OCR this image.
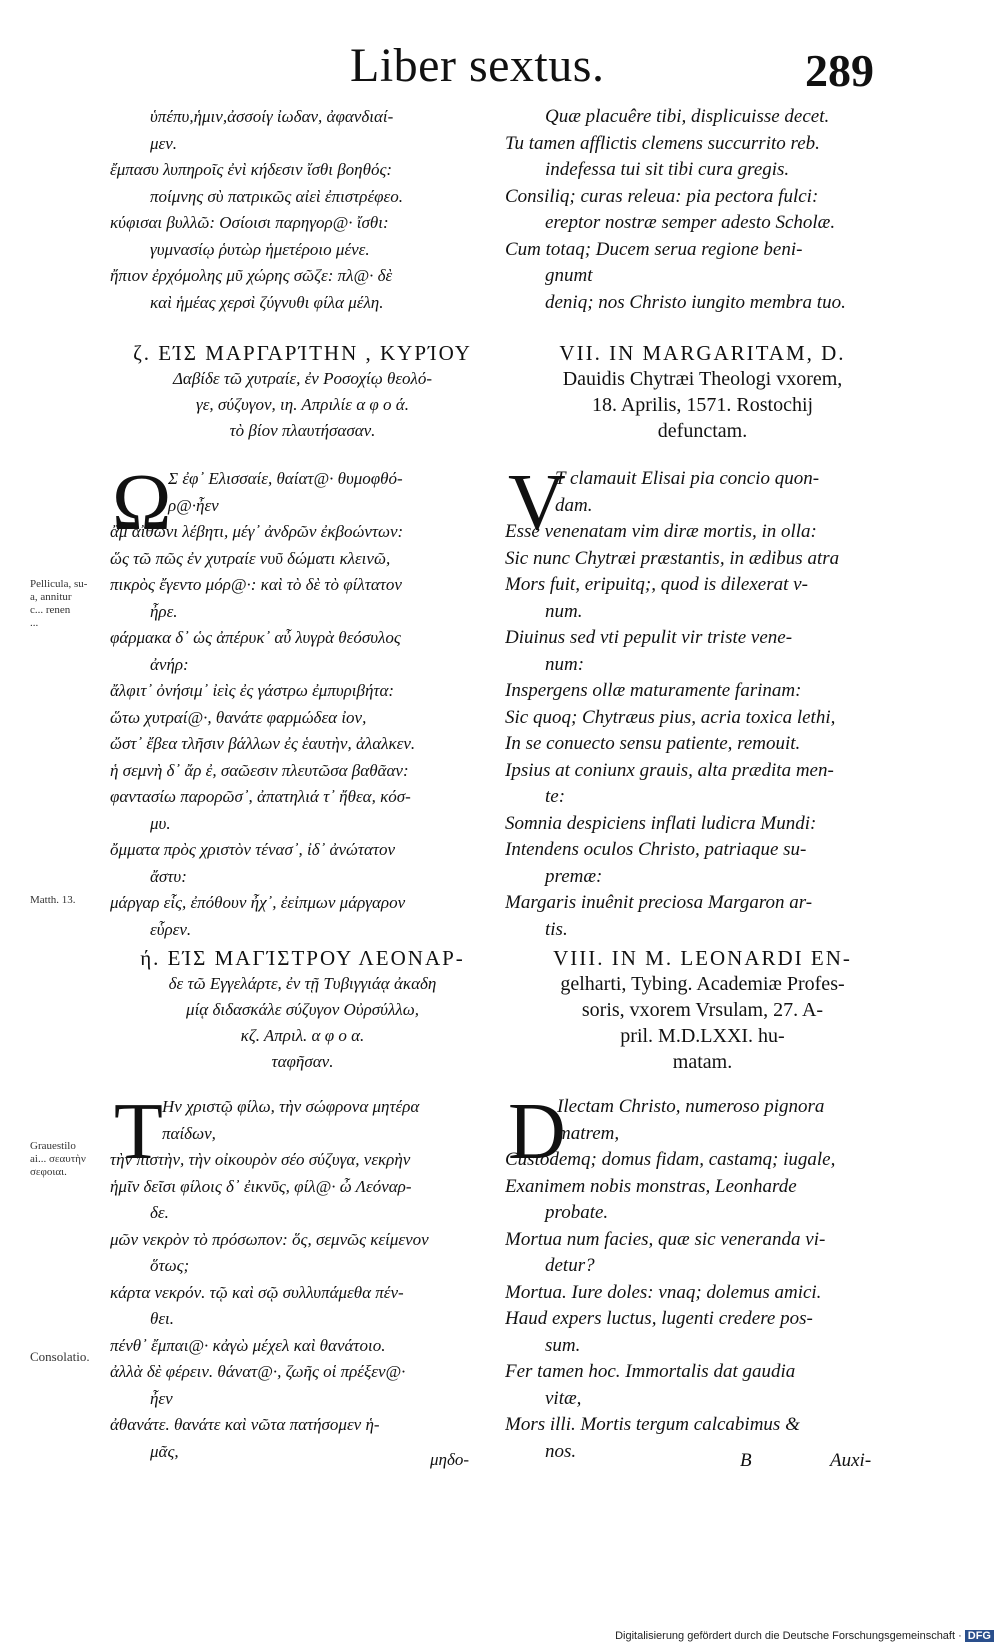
Liber sextus.	289
ὑπέπυ,ἡμιν,ἀσσοίγ ἰωδαν, ἀφανδιαί-
μεν.
ἔμπασυ λυπηροῖς ἐνὶ κήδεσιν ἴσθι βοηθός:
ποίμνης σὺ πατρικῶς αἰεὶ ἐπιστρέφεο.
κύφισαι βυλλῶ: Οσίοισι παρηγορ@· ἴσθι:
γυμνασίῳ ῥυτὼρ ἡμετέροιο μένε.
ἤπιον ἐρχόμολης μῦ χώρης σῶζε: πλ@· δὲ
καὶ ἡμέας χερσὶ ζύγνυθι φίλα μέλη.
Quæ placuêre tibi, displicuisse decet.
Tu tamen afflictis clemens succurrito reb.
indefessa tui sit tibi cura gregis.
Consiliq; curas releua: pia pectora fulci:
ereptor nostræ semper adesto Scholæ.
Cum totaq; Ducem serua regione beni-
gnumt
deniq; nos Christo iungito membra tuo.
ζ. ΕΊΣ ΜΑΡΓΑΡΊΤΗΝ , ΚΥΡΊΟΥ
Δαβίδε τῶ χυτραίε, ἐν Ροσοχίῳ θεολό-
γε, σύζυγον, ιη. Απριλίε α φ ο ά.
τὸ βίον πλαυτήσασαν.
VII. IN MARGARITAM, D.
Dauidis Chytræi Theologi vxorem,
18. Aprilis, 1571. Rostochij
defunctam.
Ω
Σ ἐφ᾽ Ελισσαίε, θαίατ@· θυμοφθό-
ρ@·ἦεν
ἂμ αἴθωνι λέβητι, μέγ᾽ ἀνδρῶν ἐκβοώντων:
ὥς τῶ πῶς ἐν χυτραίε νυῦ δώματι κλεινῶ,
πικρὸς ἔγεντο μόρ@·: καὶ τὸ δὲ τὸ φίλτατον
ἦρε.
φάρμακα δ᾽ ὡς ἀπέρυκ᾽ αὖ λυγρὰ θεόσυλος
ἀνήρ:
ἄλφιτ᾽ ὀνήσιμ᾽ ἰεὶς ἐς γάστρω ἐμπυριβήτα:
ὥτω χυτραί@·, θανάτε φαρμώδεα ἰον,
ὤστ᾽ ἔβεα τλῆσιν βάλλων ἐς ἑαυτὴν, ἀλαλκεν.
ἡ σεμνὴ δ᾽ ἄρ ἐ, σαῶεσιν πλευτῶσα βαθᾶαν:
φαντασίω παρορῶσ᾽, ἀπατηλιά τ᾽ ἤθεα, κόσ-
μυ.
ὄμματα πρὸς χριστὸν τένασ᾽, ἰδ᾽ ἀνώτατον
ἄστυ:
μάργαρ εἷς, ἐπόθουν ἦχ᾽, ἐεἰπμων μάργαρον
εὗρεν.
V
T clamauit Elisai pia concio quon-
dam.
Esse venenatam vim diræ mortis, in olla:
Sic nunc Chytræi præstantis, in ædibus atra
Mors fuit, eripuitq;, quod is dilexerat v-
num.
Diuinus sed vti pepulit vir triste vene-
num:
Inspergens ollæ maturamente farinam:
Sic quoq; Chytræus pius, acria toxica lethi,
In se conuecto sensu patiente, remouit.
Ipsius at coniunx grauis, alta prædita men-
te:
Somnia despiciens inflati ludicra Mundi:
Intendens oculos Christo, patriaque su-
premæ:
Margaris inuênit preciosa Margaron ar-
tis.
Pellicula, su-
a, annitur
c... renen
...
Matth. 13.
ή. ΕΊΣ ΜΑΓΊΣΤΡΟΥ ΛΕΟΝΑΡ-
δε τῶ Εγγελάρτε, ἐν τῇ Τυβιγγιάᾳ ἀκαδη
μίᾳ διδασκάλε σύζυγον Οὐρσύλλω,
κζ. Απριλ. α φ ο α.
ταφῆσαν.
VIII. IN M. LEONARDI EN-
gelharti, Tybing. Academiæ Profes-
soris, vxorem Vrsulam, 27. A-
pril. M.D.LXXI. hu-
matam.
Τ Ην χριστῷ φίλω, τὴν σώφρονα μητέρα
παίδων,
τὴν πιστὴν, τὴν οἰκουρὸν σέο σύζυγα, νεκρὴν
ἡμῖν δεῖσι φίλοις δ᾽ ἐικνῦς, φίλ@· ὦ Λεόναρ-
δε.
μῶν νεκρὸν τὸ πρόσωπον: ὅς, σεμνῶς κείμενον
ὅτως;
κάρτα νεκρόν. τῷ καὶ σῷ συλλυπάμεθα πέν-
θει.
πένθ᾽ ἔμπαι@· κἀγὼ μέχελ καὶ θανάτοιο.
ἀλλὰ δὲ φέρειν. θάνατ@·, ζωῆς οἱ πρέξεν@·
ἦεν
ἀθανάτε. θανάτε καὶ νῶτα πατήσομεν ἡ-
μᾶς,
D
Ilectam Christo, numeroso pignora
matrem,
Custodemq; domus fidam, castamq; iugale,
Exanimem nobis monstras, Leonharde
probate.
Mortua num facies, quæ sic veneranda vi-
detur?
Mortua. Iure doles: vnaq; dolemus amici.
Haud expers luctus, lugenti credere pos-
sum.
Fer tamen hoc. Immortalis dat gaudia
vitæ,
Mors illi. Mortis tergum calcabimus &
nos.
Grauestilo
ai... σεαυτὴν
σεφοιαι.
Consolatio.
μηδο-	B	Auxi-
Digitalisierung gefördert durch die Deutsche Forschungsgemeinschaft · DFG
